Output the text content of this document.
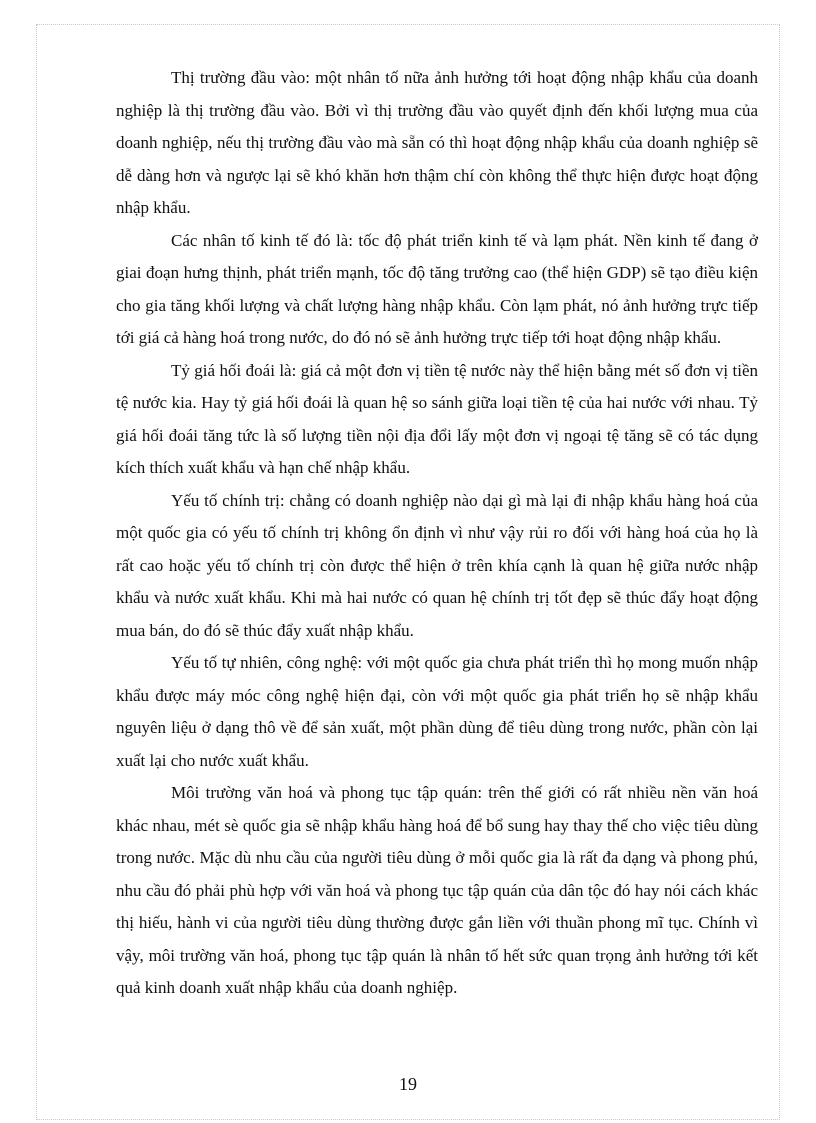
Thị trường đầu vào: một nhân tố nữa ảnh hưởng tới hoạt động nhập khẩu của doanh nghiệp là thị trường đầu vào. Bởi vì thị trường đầu vào quyết định đến khối lượng mua của doanh nghiệp, nếu thị trường đầu vào mà sẵn có thì hoạt động nhập khẩu của doanh nghiệp sẽ dễ dàng hơn và ngược lại sẽ khó khăn hơn thậm chí còn không thể thực hiện được hoạt động nhập khẩu.

Các nhân tố kinh tế đó là: tốc độ phát triển kinh tế và lạm phát. Nền kinh tế đang ở giai đoạn hưng thịnh, phát triển mạnh, tốc độ tăng trưởng cao (thể hiện GDP) sẽ tạo điều kiện cho gia tăng khối lượng và chất lượng hàng nhập khẩu. Còn lạm phát, nó ảnh hưởng trực tiếp tới giá cả hàng hoá trong nước, do đó nó sẽ ảnh hưởng trực tiếp tới hoạt động nhập khẩu.

Tỷ giá hối đoái là: giá cả một đơn vị tiền tệ nước này thể hiện bằng mét số đơn vị tiền tệ nước kia. Hay tỷ giá hối đoái là quan hệ so sánh giữa loại tiền tệ của hai nước với nhau. Tỷ giá hối đoái tăng tức là số lượng tiền nội địa đổi lấy một đơn vị ngoại tệ tăng sẽ có tác dụng kích thích xuất khẩu và hạn chế nhập khẩu.

Yếu tố chính trị: chẳng có doanh nghiệp nào dại gì mà lại đi nhập khẩu hàng hoá của một quốc gia có yếu tố chính trị không ổn định vì như vậy rủi ro đối với hàng hoá của họ là rất cao hoặc yếu tố chính trị còn được thể hiện ở trên khía cạnh là quan hệ giữa nước nhập khẩu và nước xuất khẩu. Khi mà hai nước có quan hệ chính trị tốt đẹp sẽ thúc đẩy hoạt động mua bán, do đó sẽ thúc đẩy xuất nhập khẩu.

Yếu tố tự nhiên, công nghệ: với một quốc gia chưa phát triển thì họ mong muốn nhập khẩu được máy móc công nghệ hiện đại, còn với một quốc gia phát triển họ sẽ nhập khẩu nguyên liệu ở dạng thô về để sản xuất, một phần dùng để tiêu dùng trong nước, phần còn lại xuất lại cho nước xuất khẩu.

Môi trường văn hoá và phong tục tập quán: trên thế giới có rất nhiều nền văn hoá khác nhau, mét sè quốc gia sẽ nhập khẩu hàng hoá để bổ sung hay thay thế cho việc tiêu dùng trong nước. Mặc dù nhu cầu của người tiêu dùng ở mỗi quốc gia là rất đa dạng và phong phú, nhu cầu đó phải phù hợp với văn hoá và phong tục tập quán của dân tộc đó hay nói cách khác thị hiếu, hành vi của người tiêu dùng thường được gắn liền với thuần phong mĩ tục. Chính vì vậy, môi trường văn hoá, phong tục tập quán là nhân tố hết sức quan trọng ảnh hưởng tới kết quả kinh doanh xuất nhập khẩu của doanh nghiệp.

19
